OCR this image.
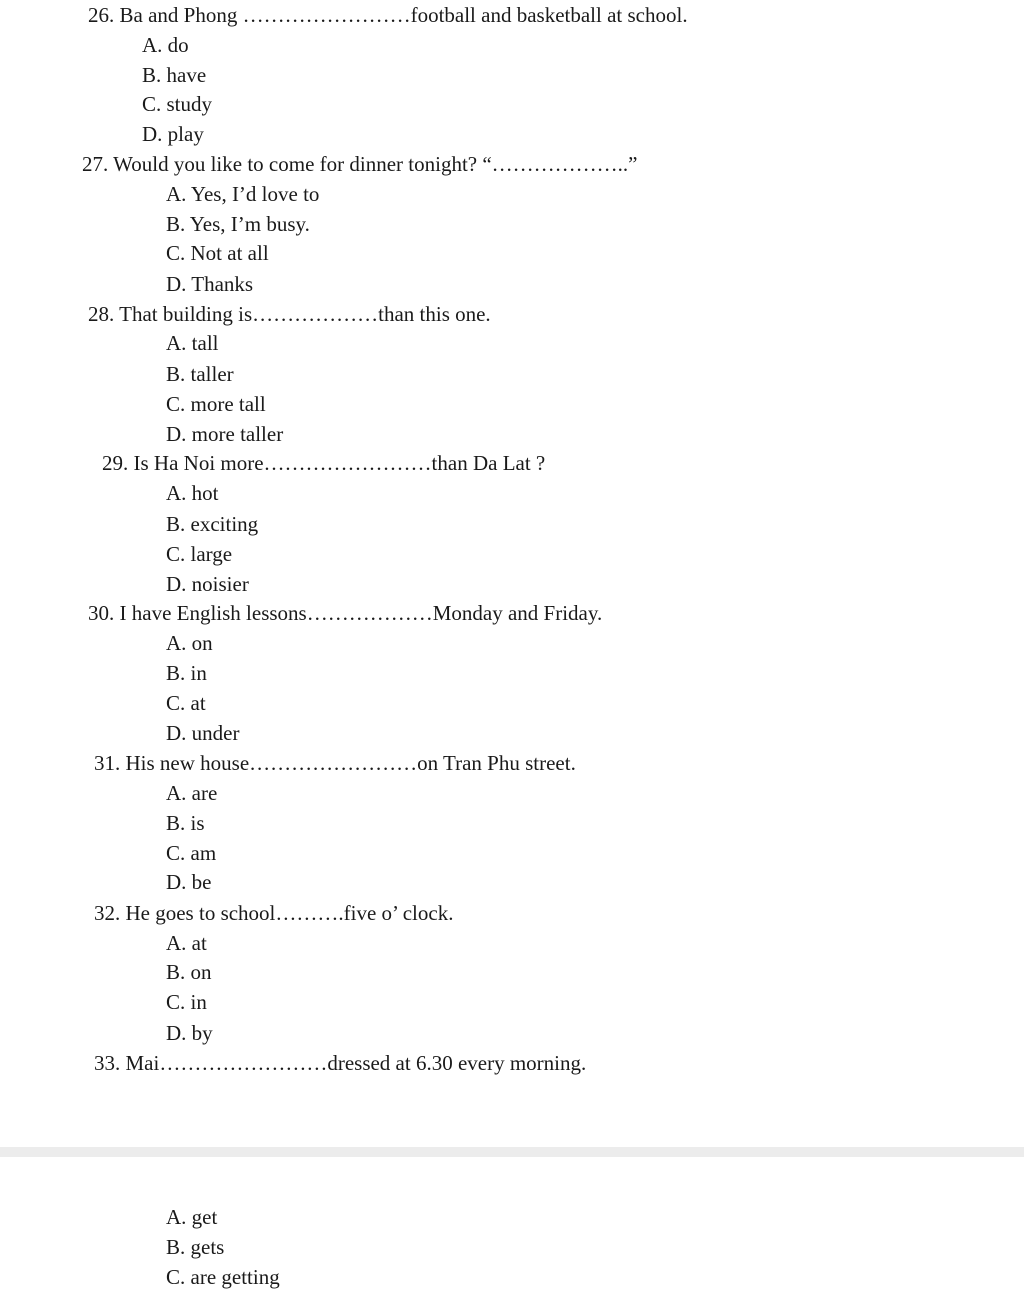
26. Ba and Phong ……………………football and basketball at school.
A. do
B. have
C. study
D. play
27. Would you like to come for dinner tonight? “………………..”
A. Yes, I’d love to
B. Yes, I’m busy.
C. Not at all
D. Thanks
28. That building is………………than this one.
A. tall
B. taller
C. more tall
D. more taller
29. Is Ha Noi more……………………than Da Lat ?
A. hot
B. exciting
C. large
D. noisier
30. I have English lessons………………Monday and Friday.
A. on
B. in
C. at
D. under
31. His new house……………………on Tran Phu street.
A. are
B. is
C. am
D. be
32. He goes to school……….five o’ clock.
A. at
B. on
C. in
D. by
33. Mai……………………dressed at 6.30 every morning.
A. get
B. gets
C. are getting
